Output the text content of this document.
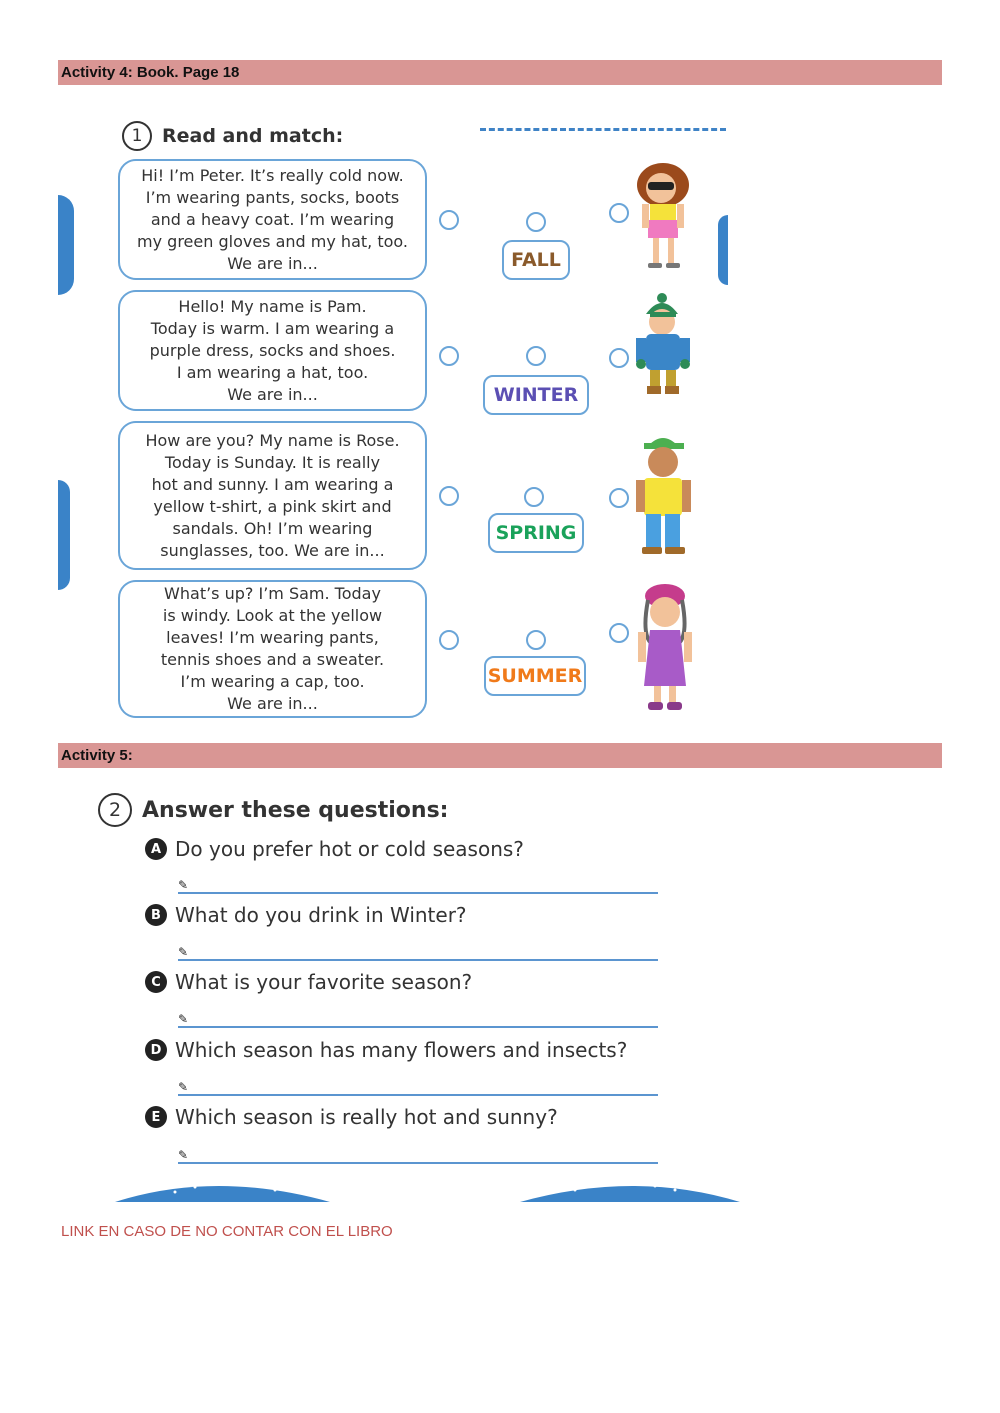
Activity 4: Book. Page 18
1	Read and match:
Hi! I’m Peter. It’s really cold now.
I’m wearing pants, socks, boots
and a heavy coat. I’m wearing
my green gloves and my hat, too.
We are in...
Hello! My name is Pam.
Today is warm. I am wearing a
purple dress, socks and shoes.
I am wearing a hat, too.
We are in...
How are you? My name is Rose.
Today is Sunday. It is really
hot and sunny. I am wearing a
yellow t-shirt, a pink skirt and
sandals. Oh! I’m wearing
sunglasses, too. We are in...
What’s up? I’m Sam. Today
is windy. Look at the yellow
leaves! I’m wearing pants,
tennis shoes and a sweater.
I’m wearing a cap, too.
We are in...
FALL
WINTER
SPRING
SUMMER
Activity 5:
2 Answer these questions:
A Do you prefer hot or cold seasons?
✎
B What do you drink in Winter?
✎
C What is your favorite season?
✎
D Which season has many flowers and insects?
✎
E Which season is really hot and sunny?
✎
LINK EN CASO DE NO CONTAR CON EL LIBRO
